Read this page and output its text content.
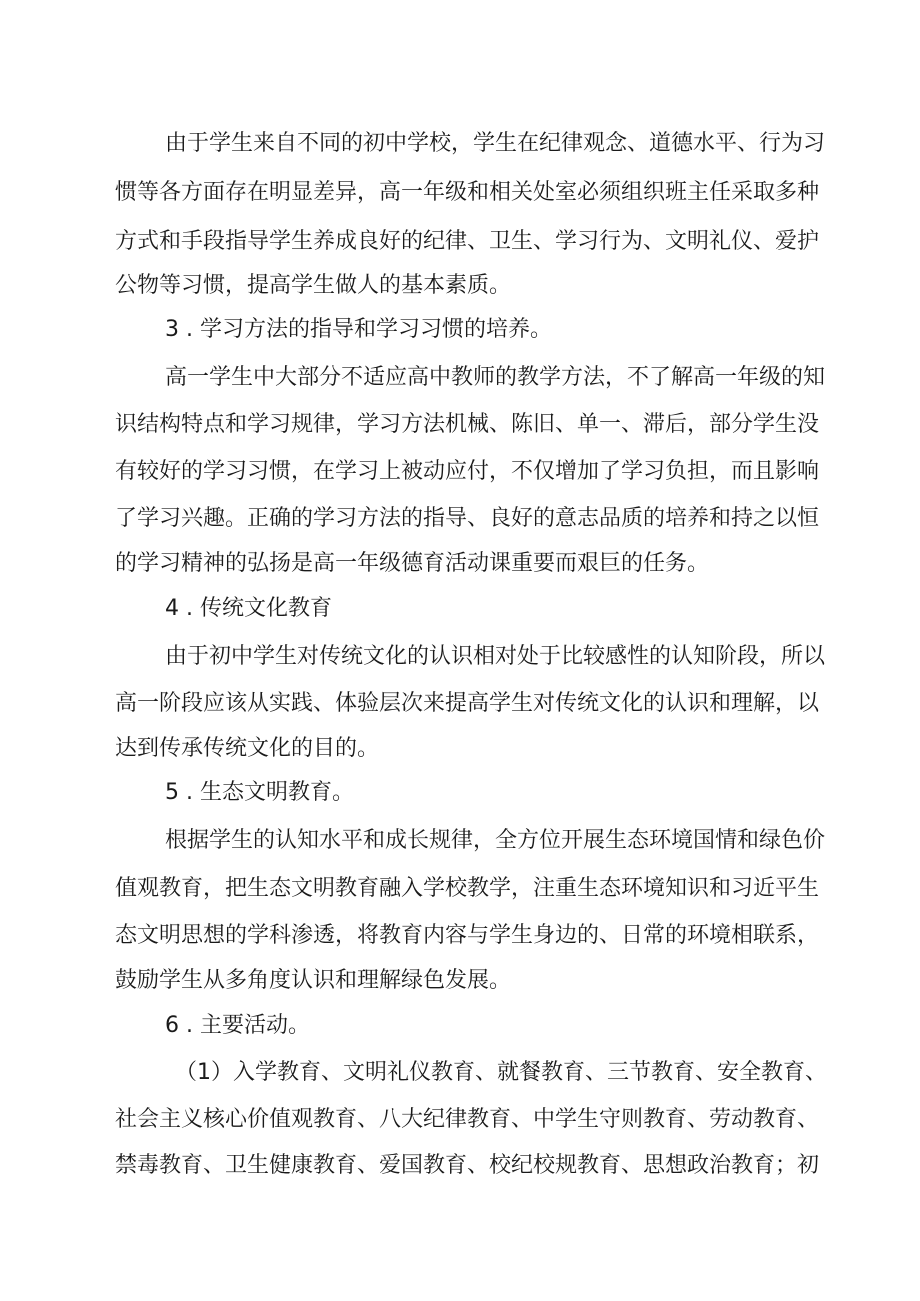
由于学生来自不同的初中学校，学生在纪律观念、道德水平、行为习
惯等各方面存在明显差异，高一年级和相关处室必须组织班主任采取多种
方式和手段指导学生养成良好的纪律、卫生、学习行为、文明礼仪、爱护
公物等习惯，提高学生做人的基本素质。
3 . 学习方法的指导和学习习惯的培养。
高一学生中大部分不适应高中教师的教学方法，不了解高一年级的知
识结构特点和学习规律，学习方法机械、陈旧、单一、滞后，部分学生没
有较好的学习习惯，在学习上被动应付，不仅增加了学习负担，而且影响
了学习兴趣。正确的学习方法的指导、良好的意志品质的培养和持之以恒
的学习精神的弘扬是高一年级德育活动课重要而艰巨的任务。
4 . 传统文化教育
由于初中学生对传统文化的认识相对处于比较感性的认知阶段，所以
高一阶段应该从实践、体验层次来提高学生对传统文化的认识和理解，以
达到传承传统文化的目的。
5 . 生态文明教育。
根据学生的认知水平和成长规律，全方位开展生态环境国情和绿色价
值观教育，把生态文明教育融入学校教学，注重生态环境知识和习近平生
态文明思想的学科渗透，将教育内容与学生身边的、日常的环境相联系，
鼓励学生从多角度认识和理解绿色发展。
6 . 主要活动。
（1）入学教育、文明礼仪教育、就餐教育、三节教育、安全教育、
社会主义核心价值观教育、八大纪律教育、中学生守则教育、劳动教育、
禁毒教育、卫生健康教育、爱国教育、校纪校规教育、思想政治教育；初
